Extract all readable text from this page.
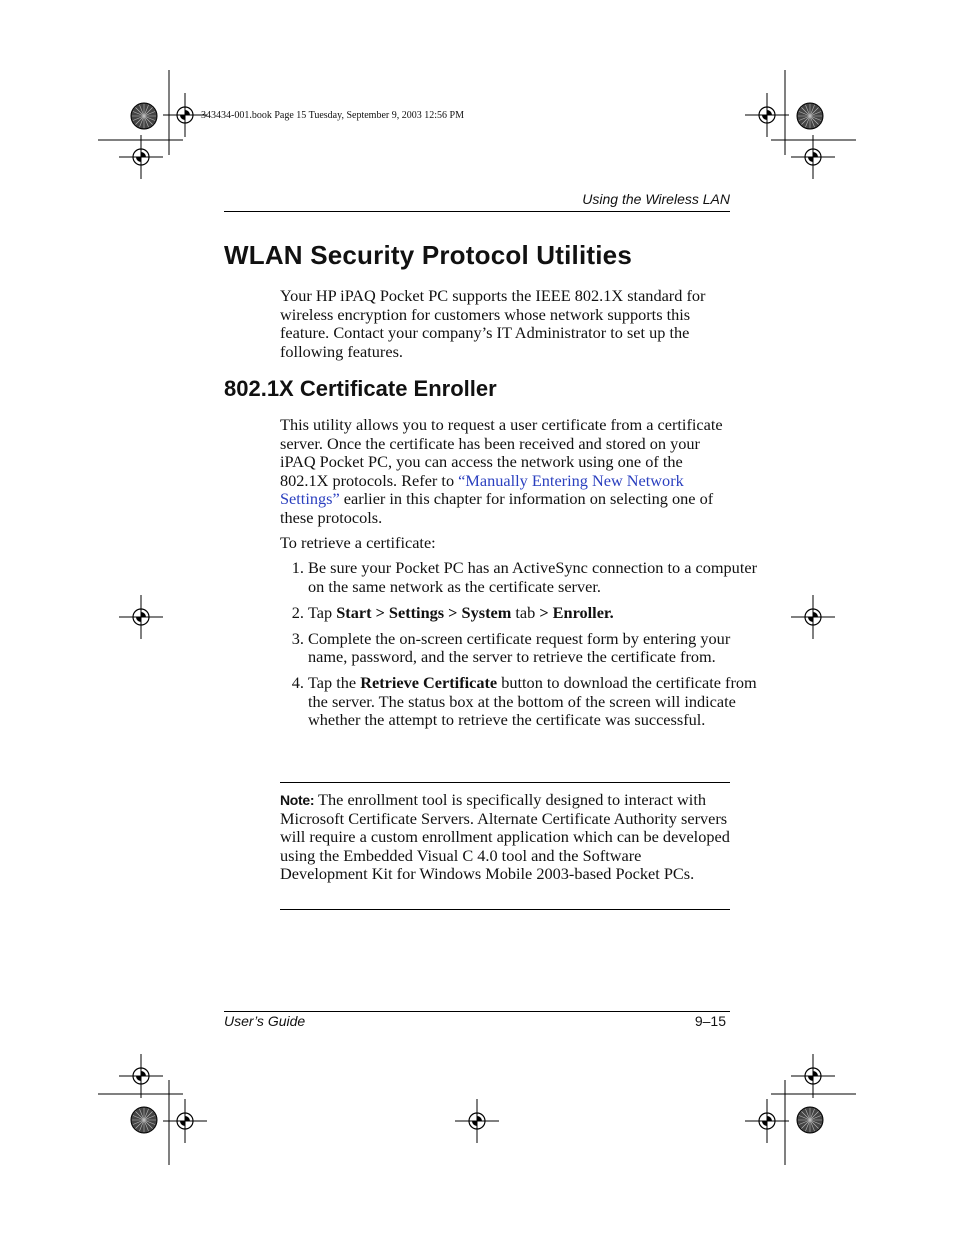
343434-001.book Page 15 Tuesday, September 9, 2003 12:56 PM
Using the Wireless LAN
WLAN Security Protocol Utilities
Your HP iPAQ Pocket PC supports the IEEE 802.1X standard for wireless encryption for customers whose network supports this feature. Contact your company’s IT Administrator to set up the following features.
802.1X Certificate Enroller
This utility allows you to request a user certificate from a certificate server. Once the certificate has been received and stored on your iPAQ Pocket PC, you can access the network using one of the 802.1X protocols. Refer to “Manually Entering New Network Settings” earlier in this chapter for information on selecting one of these protocols.
To retrieve a certificate:
1. Be sure your Pocket PC has an ActiveSync connection to a computer on the same network as the certificate server.
2. Tap Start > Settings > System tab > Enroller.
3. Complete the on-screen certificate request form by entering your name, password, and the server to retrieve the certificate from.
4. Tap the Retrieve Certificate button to download the certificate from the server. The status box at the bottom of the screen will indicate whether the attempt to retrieve the certificate was successful.
Note: The enrollment tool is specifically designed to interact with Microsoft Certificate Servers. Alternate Certificate Authority servers will require a custom enrollment application which can be developed using the Embedded Visual C 4.0 tool and the Software Development Kit for Windows Mobile 2003-based Pocket PCs.
User’s Guide	9–15
